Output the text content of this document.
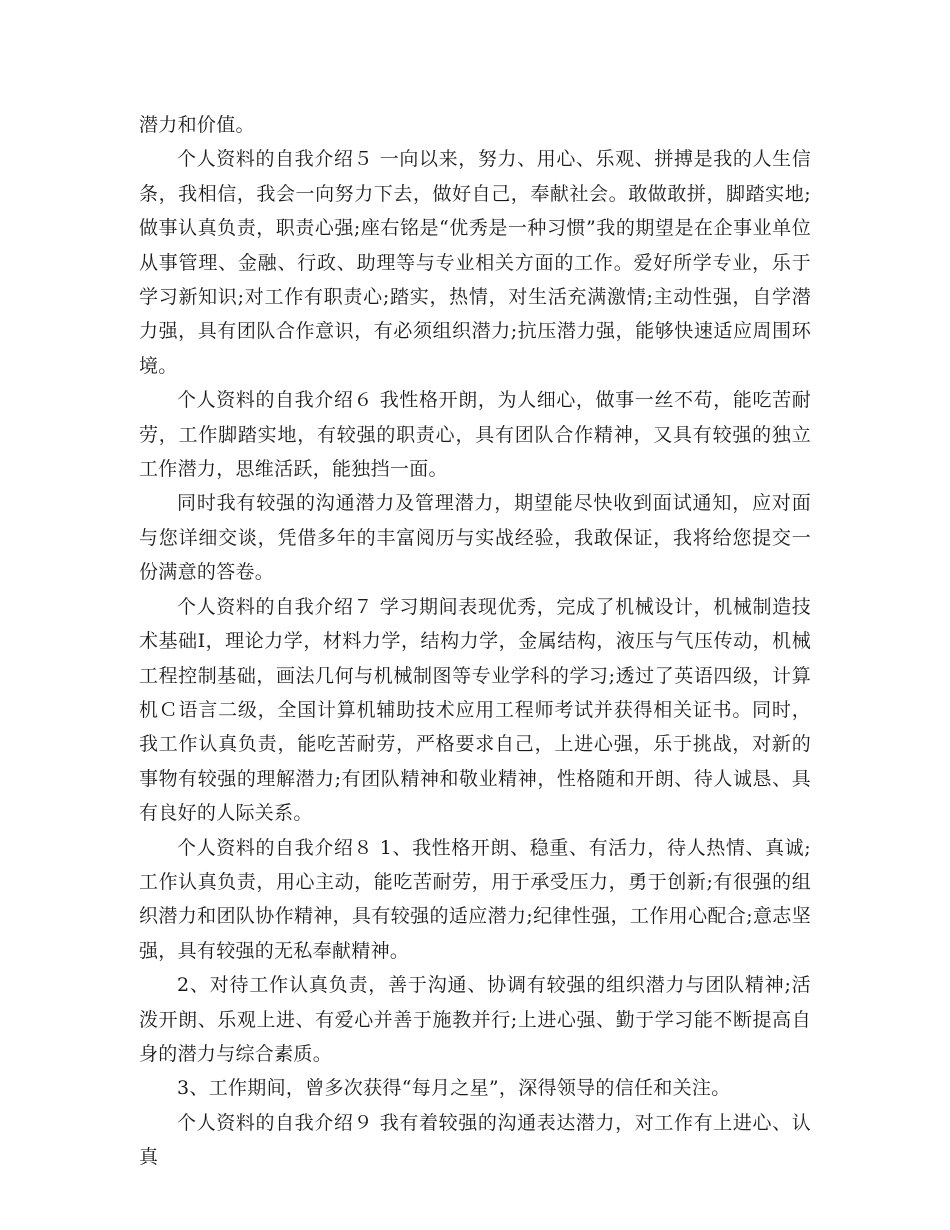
潜力和价值。

个人资料的自我介绍５ 一向以来，努力、用心、乐观、拼搏是我的人生信条，我相信，我会一向努力下去，做好自己，奉献社会。敢做敢拼，脚踏实地;做事认真负责，职责心强;座右铭是“优秀是一种习惯”我的期望是在企事业单位从事管理、金融、行政、助理等与专业相关方面的工作。爱好所学专业，乐于学习新知识;对工作有职责心;踏实，热情，对生活充满激情;主动性强，自学潜力强，具有团队合作意识，有必须组织潜力;抗压潜力强，能够快速适应周围环境。

个人资料的自我介绍６ 我性格开朗，为人细心，做事一丝不苟，能吃苦耐劳，工作脚踏实地，有较强的职责心，具有团队合作精神，又具有较强的独立工作潜力，思维活跃，能独挡一面。

同时我有较强的沟通潜力及管理潜力，期望能尽快收到面试通知，应对面与您详细交谈，凭借多年的丰富阅历与实战经验，我敢保证，我将给您提交一份满意的答卷。

个人资料的自我介绍７ 学习期间表现优秀，完成了机械设计，机械制造技术基础Ⅰ，理论力学，材料力学，结构力学，金属结构，液压与气压传动，机械工程控制基础，画法几何与机械制图等专业学科的学习;透过了英语四级，计算机Ｃ语言二级，全国计算机辅助技术应用工程师考试并获得相关证书。同时，我工作认真负责，能吃苦耐劳，严格要求自己，上进心强，乐于挑战，对新的事物有较强的理解潜力;有团队精神和敬业精神，性格随和开朗、待人诚恳、具有良好的人际关系。

个人资料的自我介绍８ 1、我性格开朗、稳重、有活力，待人热情、真诚;工作认真负责，用心主动，能吃苦耐劳，用于承受压力，勇于创新;有很强的组织潜力和团队协作精神，具有较强的适应潜力;纪律性强，工作用心配合;意志坚强，具有较强的无私奉献精神。

2、对待工作认真负责，善于沟通、协调有较强的组织潜力与团队精神;活泼开朗、乐观上进、有爱心并善于施教并行;上进心强、勤于学习能不断提高自身的潜力与综合素质。

3、工作期间，曾多次获得“每月之星”，深得领导的信任和关注。

个人资料的自我介绍９ 我有着较强的沟通表达潜力，对工作有上进心、认真
